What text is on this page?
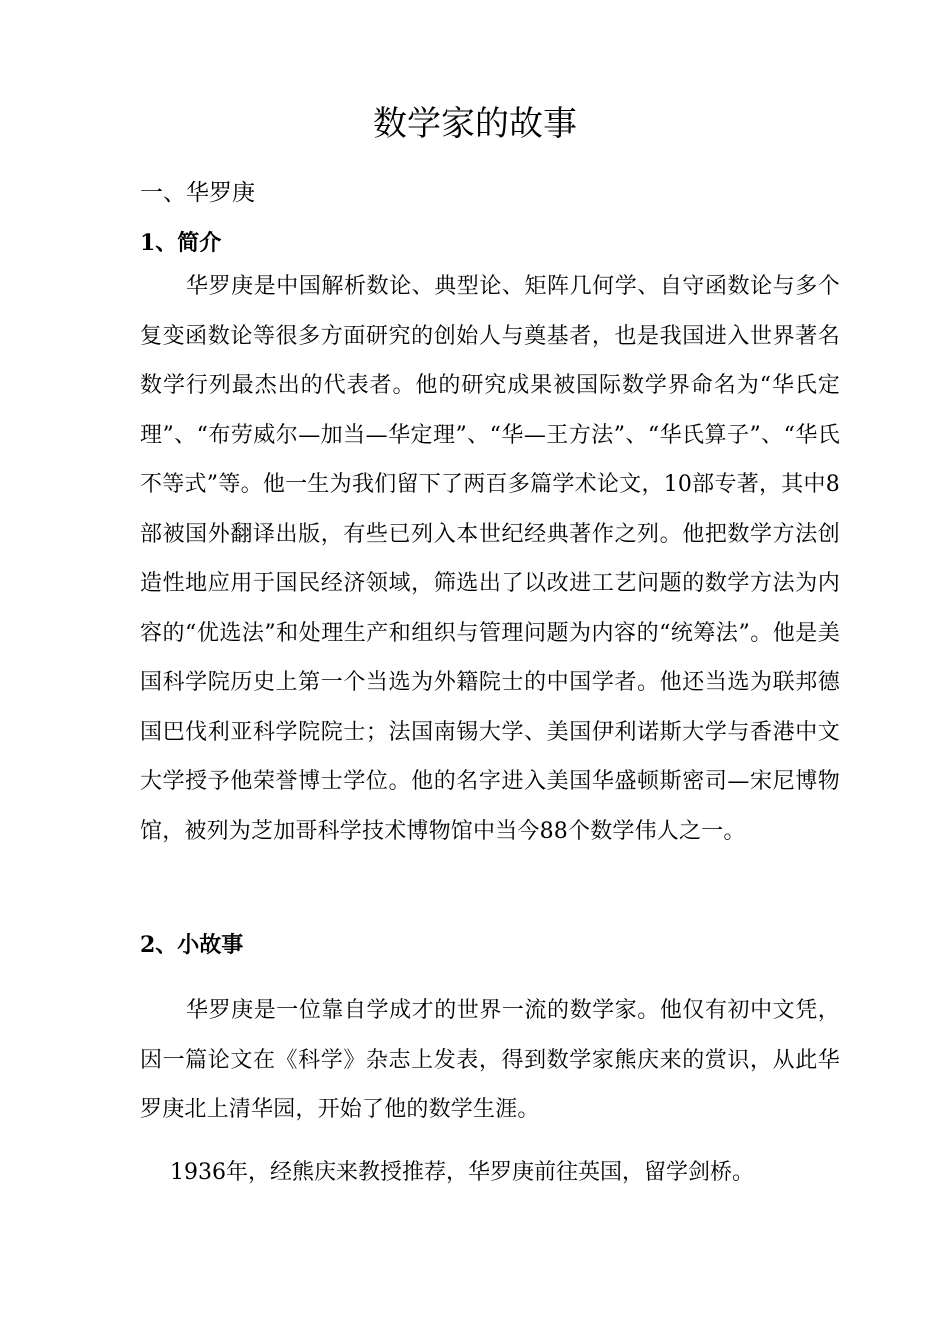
数学家的故事
一、华罗庚
1、简介

华罗庚是中国解析数论、典型论、矩阵几何学、自守函数论与多个复变函数论等很多方面研究的创始人与奠基者，也是我国进入世界著名数学行列最杰出的代表者。他的研究成果被国际数学界命名为“华氏定理”、“布劳威尔—加当—华定理”、“华—王方法”、“华氏算子”、“华氏不等式”等。他一生为我们留下了两百多篇学术论文，10部专著，其中8部被国外翻译出版，有些已列入本世纪经典著作之列。他把数学方法创造性地应用于国民经济领域，筛选出了以改进工艺问题的数学方法为内容的“优选法”和处理生产和组织与管理问题为内容的“统筹法”。他是美国科学院历史上第一个当选为外籍院士的中国学者。他还当选为联邦德国巴伐利亚科学院院士；法国南锡大学、美国伊利诺斯大学与香港中文大学授予他荣誉博士学位。他的名字进入美国华盛顿斯密司—宋尼博物馆，被列为芝加哥科学技术博物馆中当今88个数学伟人之一。

2、小故事

华罗庚是一位靠自学成才的世界一流的数学家。他仅有初中文凭，因一篇论文在《科学》杂志上发表，得到数学家熊庆来的赏识，从此华罗庚北上清华园，开始了他的数学生涯。

1936年，经熊庆来教授推荐，华罗庚前往英国，留学剑桥。
